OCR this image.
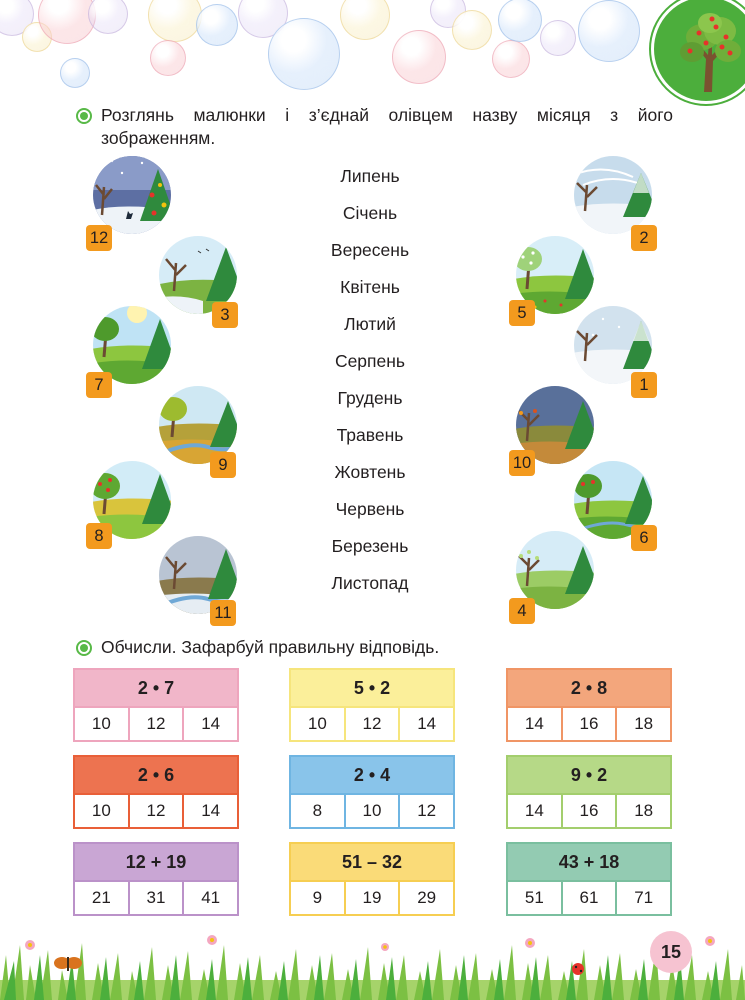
Розглянь малюнки і з’єднай олівцем назву місяця з його зображенням.
Липень
Січень
Вересень
Квітень
Лютий
Серпень
Грудень
Травень
Жовтень
Червень
Березень
Листопад
12
3
7
9
8
11
2
5
1
10
6
4
Обчисли. Зафарбуй правильну відповідь.
2 • 7
10	12	14
5 • 2
10	12	14
2 • 8
14	16	18
2 • 6
10	12	14
2 • 4
8	10	12
9 • 2
14	16	18
12 + 19
21	31	41
51 – 32
9	19	29
43 + 18
51	61	71
15
